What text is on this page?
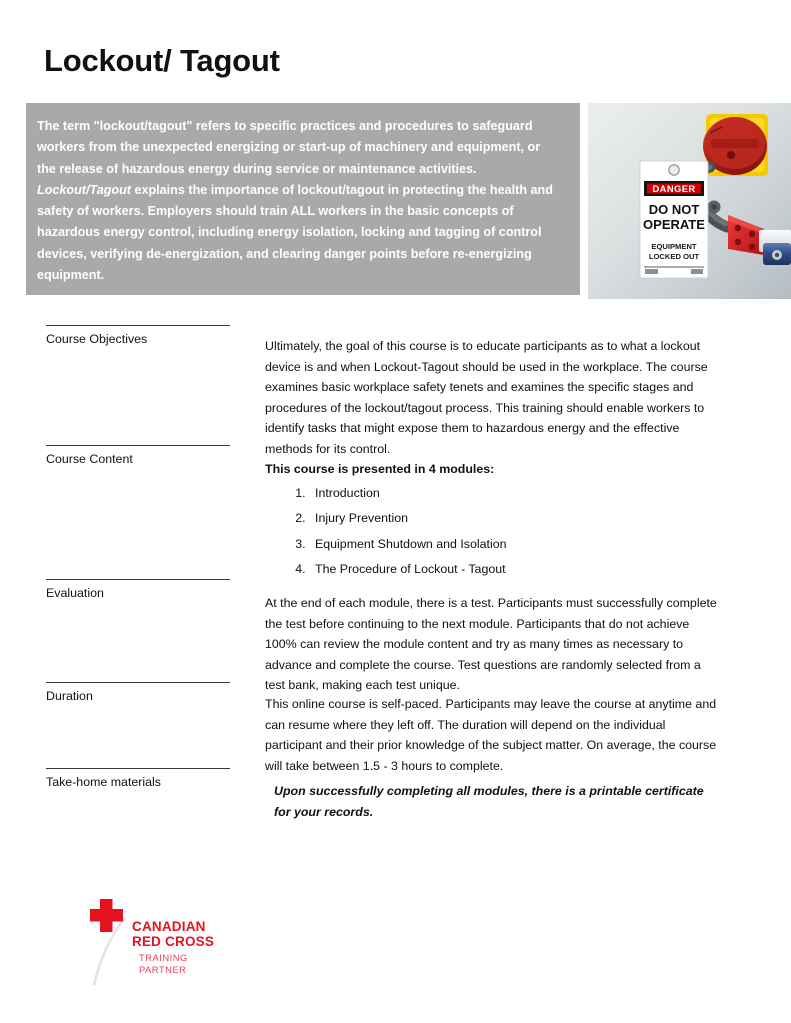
Lockout/ Tagout

The term "lockout/tagout" refers to specific practices and procedures to safeguard workers from the unexpected energizing or start-up of machinery and equipment, or the release of hazardous energy during service or maintenance activities. Lockout/Tagout explains the importance of lockout/tagout in protecting the health and safety of workers. Employers should train ALL workers in the basic concepts of hazardous energy control, including energy isolation, locking and tagging of control devices, verifying de-energization, and clearing danger points before re-energizing equipment.

DANGER
DO NOT
OPERATE
EQUIPMENT
LOCKED OUT
Course Objectives
Course Content
Evaluation
Duration
Take-home materials

Ultimately, the goal of this course is to educate participants as to what a lockout device is and when Lockout-Tagout should be used in the workplace. The course examines basic workplace safety tenets and examines the specific stages and procedures of the lockout/tagout process. This training should enable workers to identify tasks that might expose them to hazardous energy and the effective methods for its control.

This course is presented in 4 modules:

1. Introduction
2. Injury Prevention
3. Equipment Shutdown and Isolation
4. The Procedure of Lockout - Tagout

At the end of each module, there is a test. Participants must successfully complete the test before continuing to the next module. Participants that do not achieve 100% can review the module content and try as many times as necessary to advance and complete the course. Test questions are randomly selected from a test bank, making each test unique.

This online course is self-paced. Participants may leave the course at anytime and can resume where they left off. The duration will depend on the individual participant and their prior knowledge of the subject matter. On average, the course will take between 1.5 - 3 hours to complete.

Upon successfully completing all modules, there is a printable certificate for your records.

CANADIAN
RED CROSS
TRAINING
PARTNER
